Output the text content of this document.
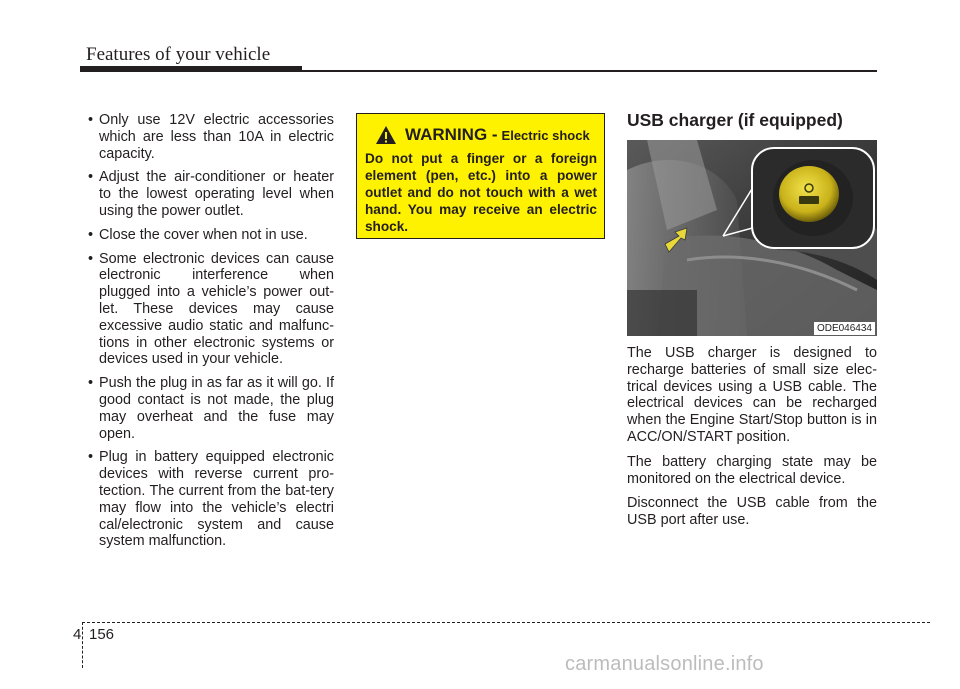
Features of your vehicle
• Only use 12V electric accessories which are less than 10A in electric capacity.
• Adjust the air-conditioner or heater to the lowest operating level when using the power outlet.
• Close the cover when not in use.
• Some electronic devices can cause electronic interference when plugged into a vehicle’s power out-let. These devices may cause excessive audio static and malfunc-tions in other electronic systems or devices used in your vehicle.
• Push the plug in as far as it will go. If good contact is not made, the plug may overheat and the fuse may open.
• Plug in battery equipped electronic devices with reverse current pro-tection. The current from the bat-tery may flow into the vehicle’s electri cal/electronic system and cause system malfunction.
WARNING - Electric shock
Do not put a finger or a foreign element (pen, etc.) into a power outlet and do not touch with a wet hand. You may receive an electric shock.
USB charger (if equipped)
ODE046434

The USB charger is designed to recharge batteries of small size elec-trical devices using a USB cable. The electrical devices can be recharged when the Engine Start/Stop button is in ACC/ON/START position.

The battery charging state may be monitored on the electrical device.

Disconnect the USB cable from the USB port after use.

4 156
carmanualsonline.info
